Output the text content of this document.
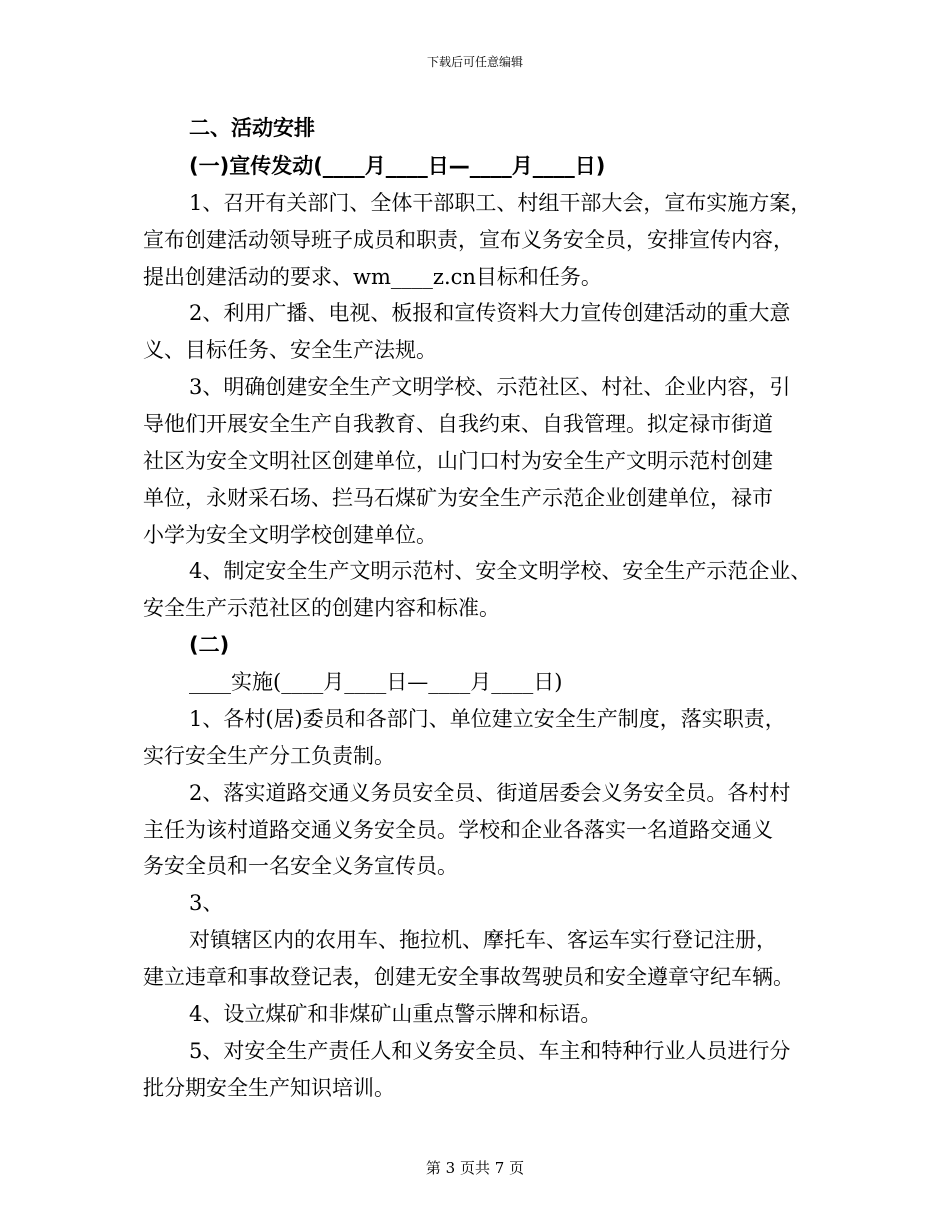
下载后可任意编辑
二、活动安排
(一)宣传发动(____月____日—____月____日)
1、召开有关部门、全体干部职工、村组干部大会，宣布实施方案，
宣布创建活动领导班子成员和职责，宣布义务安全员，安排宣传内容，
提出创建活动的要求、wm____z.cn目标和任务。
2、利用广播、电视、板报和宣传资料大力宣传创建活动的重大意
义、目标任务、安全生产法规。
3、明确创建安全生产文明学校、示范社区、村社、企业内容，引
导他们开展安全生产自我教育、自我约束、自我管理。拟定禄市街道
社区为安全文明社区创建单位，山门口村为安全生产文明示范村创建
单位，永财采石场、拦马石煤矿为安全生产示范企业创建单位，禄市
小学为安全文明学校创建单位。
4、制定安全生产文明示范村、安全文明学校、安全生产示范企业、
安全生产示范社区的创建内容和标准。
(二)
____实施(____月____日—____月____日)
1、各村(居)委员和各部门、单位建立安全生产制度，落实职责，
实行安全生产分工负责制。
2、落实道路交通义务员安全员、街道居委会义务安全员。各村村
主任为该村道路交通义务安全员。学校和企业各落实一名道路交通义
务安全员和一名安全义务宣传员。
3、
对镇辖区内的农用车、拖拉机、摩托车、客运车实行登记注册，
建立违章和事故登记表，创建无安全事故驾驶员和安全遵章守纪车辆。
4、设立煤矿和非煤矿山重点警示牌和标语。
5、对安全生产责任人和义务安全员、车主和特种行业人员进行分
批分期安全生产知识培训。
第 3 页共 7 页
